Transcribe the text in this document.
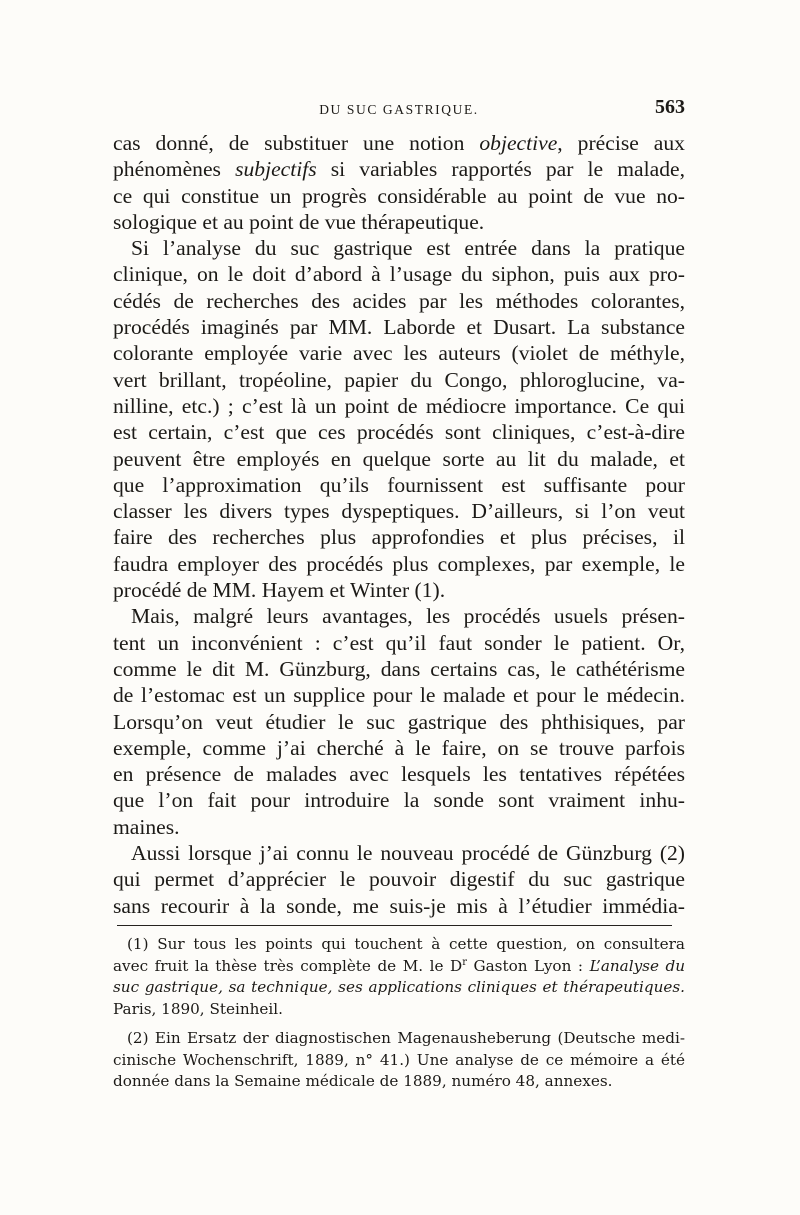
DU SUC GASTRIQUE.	563
cas donné, de substituer une notion objective, précise aux
phénomènes subjectifs si variables rapportés par le malade,
ce qui constitue un progrès considérable au point de vue no-
sologique et au point de vue thérapeutique.
Si l’analyse du suc gastrique est entrée dans la pratique
clinique, on le doit d’abord à l’usage du siphon, puis aux pro-
cédés de recherches des acides par les méthodes colorantes,
procédés imaginés par MM. Laborde et Dusart. La substance
colorante employée varie avec les auteurs (violet de méthyle,
vert brillant, tropéoline, papier du Congo, phloroglucine, va-
nilline, etc.) ; c’est là un point de médiocre importance. Ce qui
est certain, c’est que ces procédés sont cliniques, c’est-à-dire
peuvent être employés en quelque sorte au lit du malade, et
que l’approximation qu’ils fournissent est suffisante pour
classer les divers types dyspeptiques. D’ailleurs, si l’on veut
faire des recherches plus approfondies et plus précises, il
faudra employer des procédés plus complexes, par exemple, le
procédé de MM. Hayem et Winter (1).
Mais, malgré leurs avantages, les procédés usuels présen-
tent un inconvénient : c’est qu’il faut sonder le patient. Or,
comme le dit M. Günzburg, dans certains cas, le cathétérisme
de l’estomac est un supplice pour le malade et pour le médecin.
Lorsqu’on veut étudier le suc gastrique des phthisiques, par
exemple, comme j’ai cherché à le faire, on se trouve parfois
en présence de malades avec lesquels les tentatives répétées
que l’on fait pour introduire la sonde sont vraiment inhu-
maines.
Aussi lorsque j’ai connu le nouveau procédé de Günzburg (2)
qui permet d’apprécier le pouvoir digestif du suc gastrique
sans recourir à la sonde, me suis-je mis à l’étudier immédia-
(1) Sur tous les points qui touchent à cette question, on consultera
avec fruit la thèse très complète de M. le $D^r$ Gaston Lyon : L’analyse du
suc gastrique, sa technique, ses applications cliniques et thérapeutiques.
Paris, 1890, Steinheil.
(2) Ein Ersatz der diagnostischen Magenausheberung (Deutsche medi-
cinische Wochenschrift, 1889, n° 41.) Une analyse de ce mémoire a été
donnée dans la Semaine médicale de 1889, numéro 48, annexes.
